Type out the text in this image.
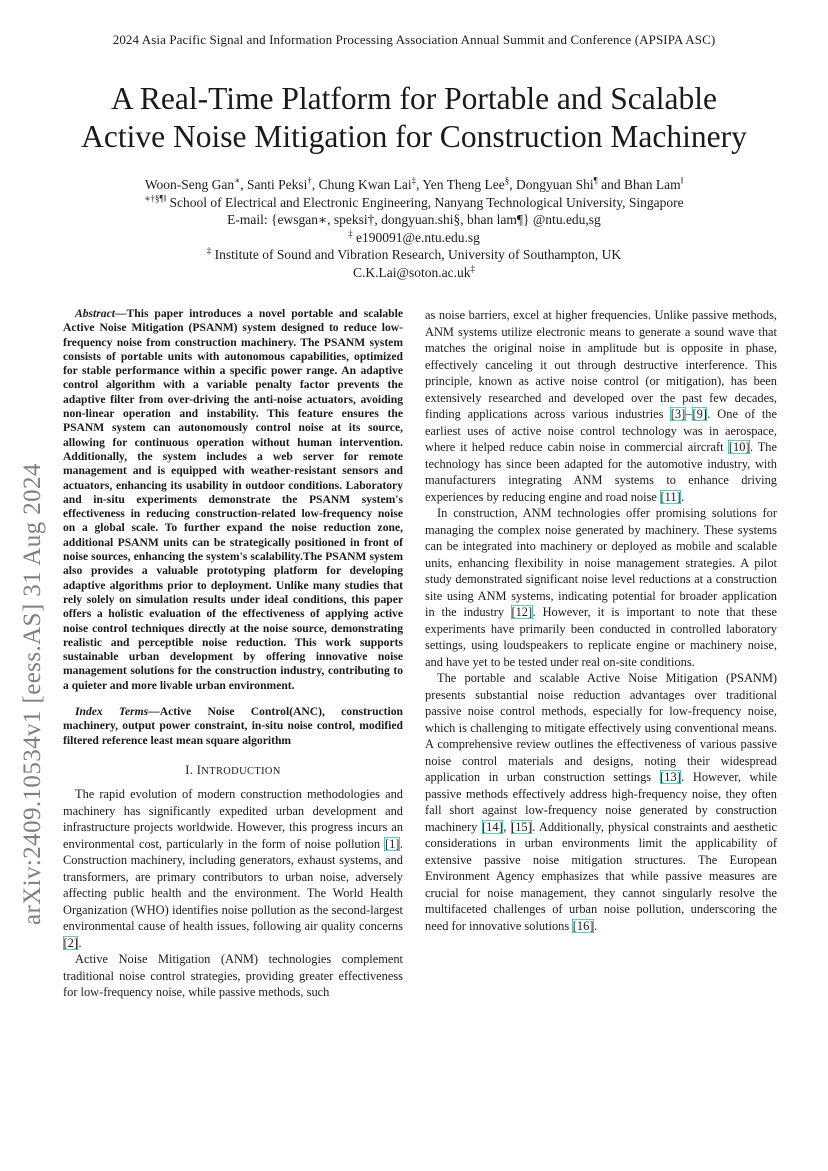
2024 Asia Pacific Signal and Information Processing Association Annual Summit and Conference (APSIPA ASC)
A Real-Time Platform for Portable and Scalable
Active Noise Mitigation for Construction Machinery
Woon-Seng Gan∗, Santi Peksi†, Chung Kwan Lai‡, Yen Theng Lee§, Dongyuan Shi¶ and Bhan Lam‖
∗†§¶‖ School of Electrical and Electronic Engineering, Nanyang Technological University, Singapore
E-mail: {ewsgan∗, speksi†, dongyuan.shi§, bhan lam¶} @ntu.edu,sg
‡ e190091@e.ntu.edu.sg
‡ Institute of Sound and Vibration Research, University of Southampton, UK
C.K.Lai@soton.ac.uk‡
arXiv:2409.10534v1 [eess.AS] 31 Aug 2024

Abstract—This paper introduces a novel portable and scalable Active Noise Mitigation (PSANM) system designed to reduce low-frequency noise from construction machinery. The PSANM system consists of portable units with autonomous capabilities, optimized for stable performance within a specific power range. An adaptive control algorithm with a variable penalty factor prevents the adaptive filter from over-driving the anti-noise actuators, avoiding non-linear operation and instability. This feature ensures the PSANM system can autonomously control noise at its source, allowing for continuous operation without human intervention. Additionally, the system includes a web server for remote management and is equipped with weather-resistant sensors and actuators, enhancing its usability in outdoor conditions. Laboratory and in-situ experiments demonstrate the PSANM system's effectiveness in reducing construction-related low-frequency noise on a global scale. To further expand the noise reduction zone, additional PSANM units can be strategically positioned in front of noise sources, enhancing the system's scalability.The PSANM system also provides a valuable prototyping platform for developing adaptive algorithms prior to deployment. Unlike many studies that rely solely on simulation results under ideal conditions, this paper offers a holistic evaluation of the effectiveness of applying active noise control techniques directly at the noise source, demonstrating realistic and perceptible noise reduction. This work supports sustainable urban development by offering innovative noise management solutions for the construction industry, contributing to a quieter and more livable urban environment.

Index Terms—Active Noise Control(ANC), construction machinery, output power constraint, in-situ noise control, modified filtered reference least mean square algorithm

I. INTRODUCTION

The rapid evolution of modern construction methodologies and machinery has significantly expedited urban development and infrastructure projects worldwide. However, this progress incurs an environmental cost, particularly in the form of noise pollution [1]. Construction machinery, including generators, exhaust systems, and transformers, are primary contributors to urban noise, adversely affecting public health and the environment. The World Health Organization (WHO) identifies noise pollution as the second-largest environmental cause of health issues, following air quality concerns [2].

Active Noise Mitigation (ANM) technologies complement traditional noise control strategies, providing greater effectiveness for low-frequency noise, while passive methods, such

as noise barriers, excel at higher frequencies. Unlike passive methods, ANM systems utilize electronic means to generate a sound wave that matches the original noise in amplitude but is opposite in phase, effectively canceling it out through destructive interference. This principle, known as active noise control (or mitigation), has been extensively researched and developed over the past few decades, finding applications across various industries [3]–[9]. One of the earliest uses of active noise control technology was in aerospace, where it helped reduce cabin noise in commercial aircraft [10]. The technology has since been adapted for the automotive industry, with manufacturers integrating ANM systems to enhance driving experiences by reducing engine and road noise [11].

In construction, ANM technologies offer promising solutions for managing the complex noise generated by machinery. These systems can be integrated into machinery or deployed as mobile and scalable units, enhancing flexibility in noise management strategies. A pilot study demonstrated significant noise level reductions at a construction site using ANM systems, indicating potential for broader application in the industry [12]. However, it is important to note that these experiments have primarily been conducted in controlled laboratory settings, using loudspeakers to replicate engine or machinery noise, and have yet to be tested under real on-site conditions.

The portable and scalable Active Noise Mitigation (PSANM) presents substantial noise reduction advantages over traditional passive noise control methods, especially for low-frequency noise, which is challenging to mitigate effectively using conventional means. A comprehensive review outlines the effectiveness of various passive noise control materials and designs, noting their widespread application in urban construction settings [13]. However, while passive methods effectively address high-frequency noise, they often fall short against low-frequency noise generated by construction machinery [14], [15]. Additionally, physical constraints and aesthetic considerations in urban environments limit the applicability of extensive passive noise mitigation structures. The European Environment Agency emphasizes that while passive measures are crucial for noise management, they cannot singularly resolve the multifaceted challenges of urban noise pollution, underscoring the need for innovative solutions [16].
